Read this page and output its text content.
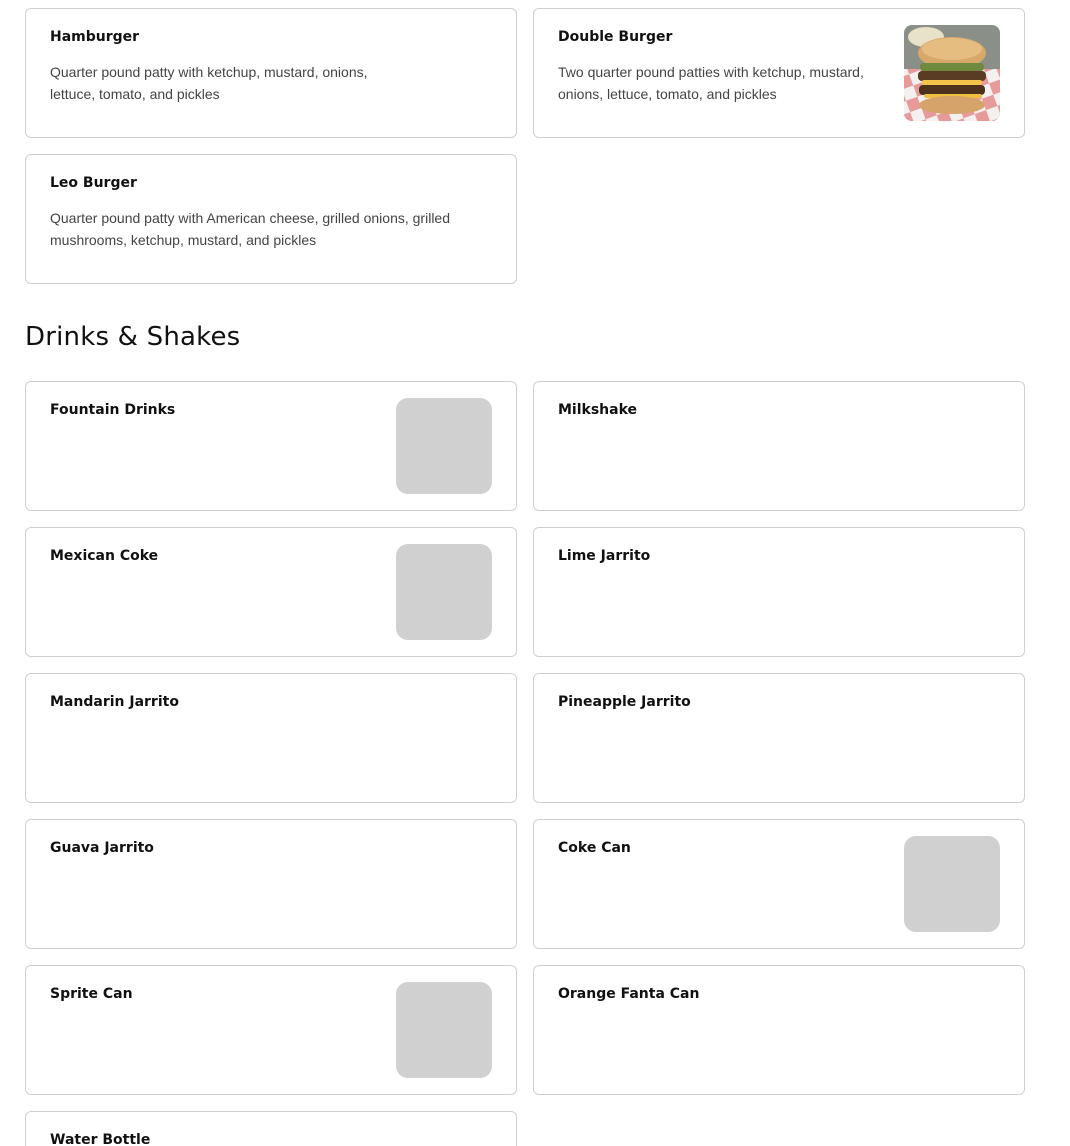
Hamburger
Quarter pound patty with ketchup, mustard, onions, lettuce, tomato, and pickles
Double Burger
Two quarter pound patties with ketchup, mustard, onions, lettuce, tomato, and pickles
Leo Burger
Quarter pound patty with American cheese, grilled onions, grilled mushrooms, ketchup, mustard, and pickles
Drinks & Shakes
Fountain Drinks	Milkshake
Mexican Coke	Lime Jarrito
Mandarin Jarrito	Pineapple Jarrito
Guava Jarrito	Coke Can
Sprite Can	Orange Fanta Can
Water Bottle
